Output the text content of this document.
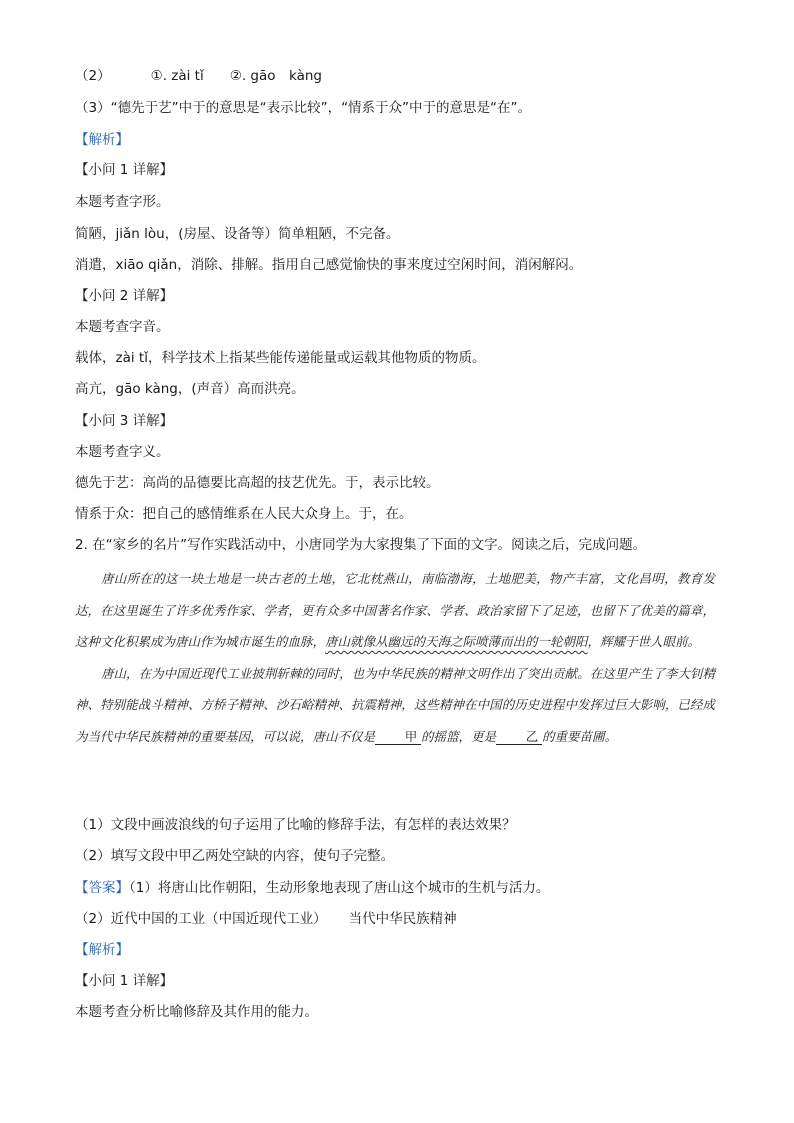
（2）	①. zài tǐ ②. gāo　kàng
（3）“德先于艺”中于的意思是“表示比较”，“情系于众”中于的意思是“在”。
【解析】
【小问 1 详解】
本题考查字形。
简陋，jiǎn lòu，(房屋、设备等）简单粗陋，不完备。
消遣，xiāo qiǎn，消除、排解。指用自己感觉愉快的事来度过空闲时间，消闲解闷。
【小问 2 详解】
本题考查字音。
载体，zài tǐ，科学技术上指某些能传递能量或运载其他物质的物质。
高亢，gāo kàng，(声音）高而洪亮。
【小问 3 详解】
本题考查字义。
德先于艺：高尚的品德要比高超的技艺优先。于，表示比较。
情系于众：把自己的感情维系在人民大众身上。于，在。
2. 在“家乡的名片”写作实践活动中，小唐同学为大家搜集了下面的文字。阅读之后，完成问题。

唐山所在的这一块土地是一块古老的土地，它北枕燕山，南临渤海，土地肥美，物产丰富，文化昌明，教育发达，在这里诞生了许多优秀作家、学者，更有众多中国著名作家、学者、政治家留下了足迹，也留下了优美的篇章，这种文化积累成为唐山作为城市诞生的血脉，唐山就像从幽远的天海之际喷薄而出的一轮朝阳，辉耀于世人眼前。

唐山，在为中国近现代工业披荆斩棘的同时，也为中华民族的精神文明作出了突出贡献。在这里产生了李大钊精神、特别能战斗精神、方桥子精神、沙石峪精神、抗震精神，这些精神在中国的历史进程中发挥过巨大影响，已经成为当代中华民族精神的重要基因，可以说，唐山不仅是 甲 的摇篮，更是 乙 的重要苗圃。

（1）文段中画波浪线的句子运用了比喻的修辞手法，有怎样的表达效果？
（2）填写文段中甲乙两处空缺的内容，使句子完整。
【答案】（1）将唐山比作朝阳，生动形象地表现了唐山这个城市的生机与活力。
（2）近代中国的工业（中国近现代工业） 当代中华民族精神
【解析】
【小问 1 详解】
本题考查分析比喻修辞及其作用的能力。
